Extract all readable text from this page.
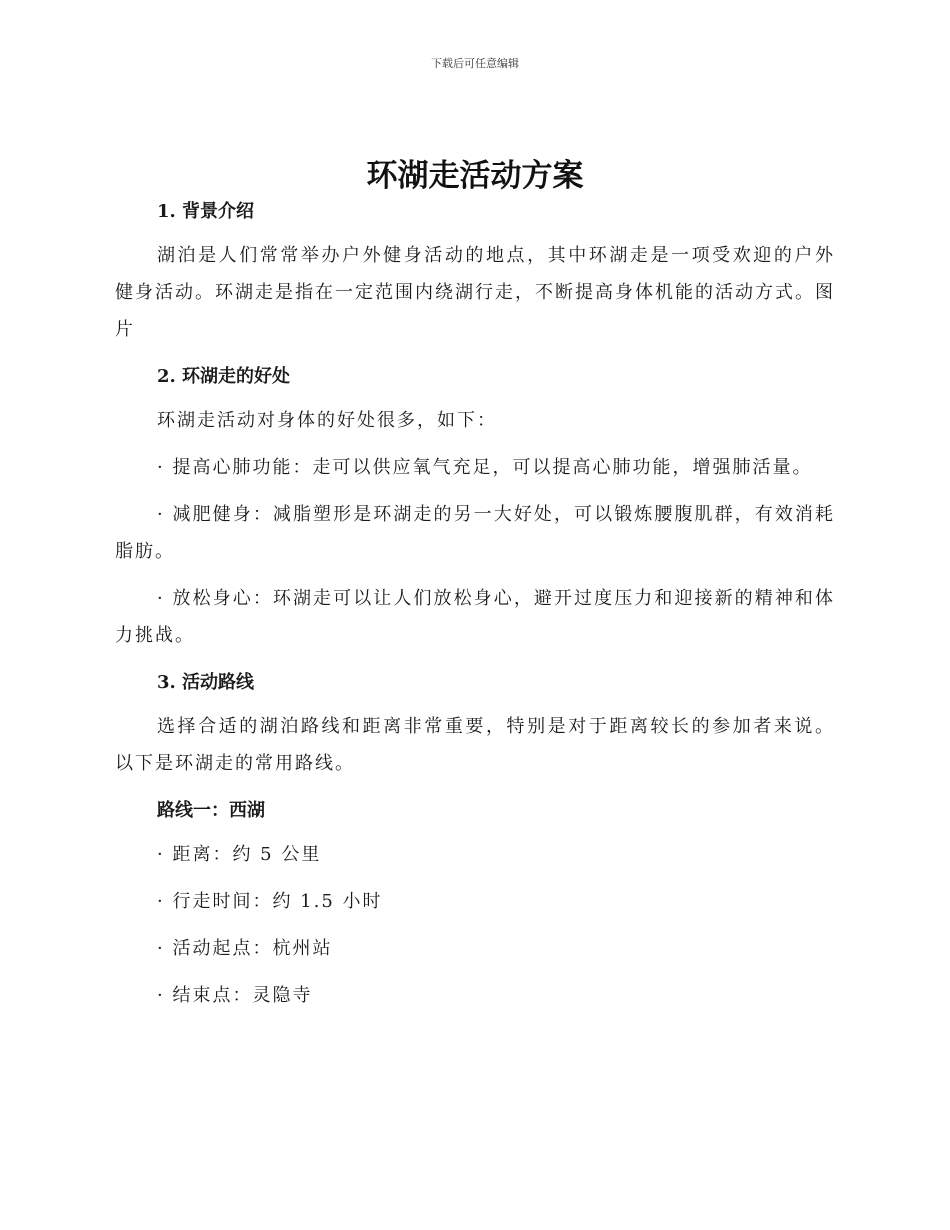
下载后可任意编辑
环湖走活动方案
1. 背景介绍

湖泊是人们常常举办户外健身活动的地点，其中环湖走是一项受欢迎的户外健身活动。环湖走是指在一定范围内绕湖行走，不断提高身体机能的活动方式。图片

2. 环湖走的好处

环湖走活动对身体的好处很多，如下：

· 提高心肺功能：走可以供应氧气充足，可以提高心肺功能，增强肺活量。

· 减肥健身：减脂塑形是环湖走的另一大好处，可以锻炼腰腹肌群，有效消耗脂肪。

· 放松身心：环湖走可以让人们放松身心，避开过度压力和迎接新的精神和体力挑战。

3. 活动路线

选择合适的湖泊路线和距离非常重要，特别是对于距离较长的参加者来说。以下是环湖走的常用路线。

路线一：西湖

· 距离：约 5 公里

· 行走时间：约 1.5 小时

· 活动起点：杭州站

· 结束点：灵隐寺
